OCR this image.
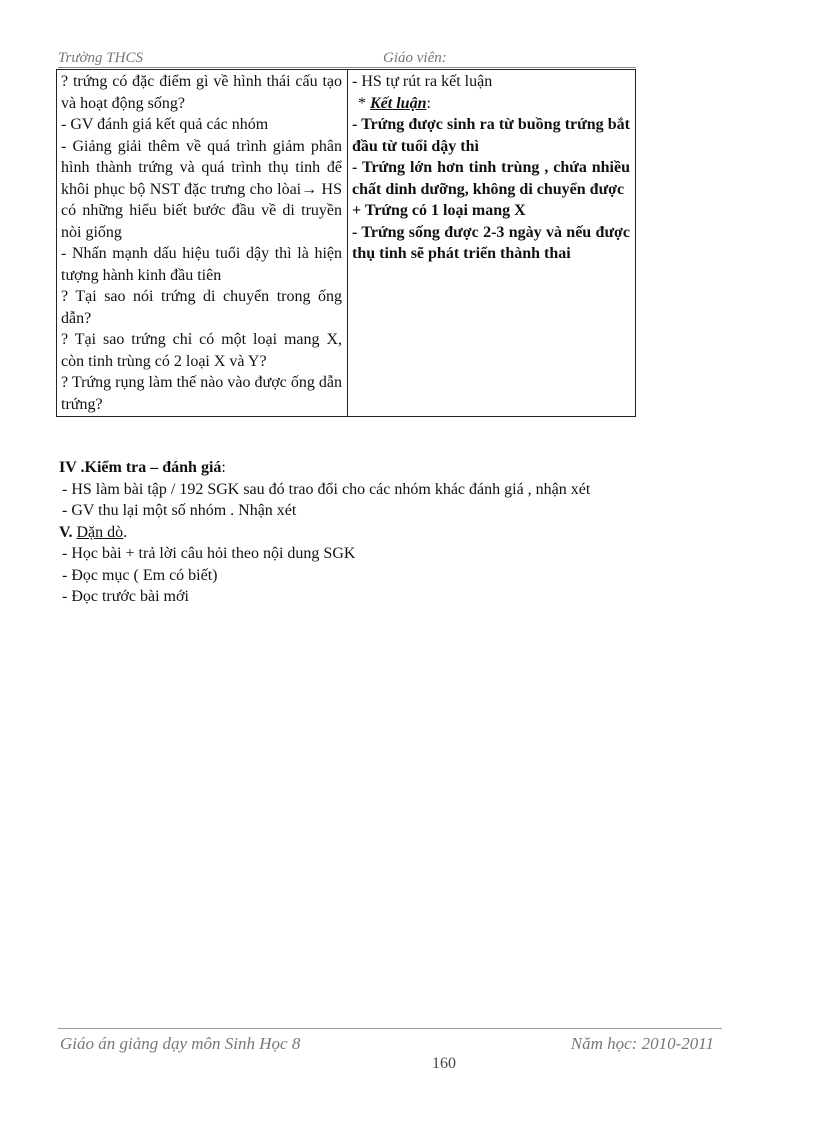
Trường THCS	Giáo viên:
? trứng có đặc điểm gì về hình thái cấu tạo và hoạt động sống?
- GV đánh giá kết quả các nhóm
- Giảng giải thêm về quá trình giảm phân hình thành trứng và quá trình thụ tinh để khôi phục bộ NST đặc trưng cho lòai→ HS có những hiểu biết bước đầu về di truyền nòi giống
- Nhấn mạnh dấu hiệu tuổi dậy thì là hiện tượng hành kinh đầu tiên
? Tại sao nói trứng di chuyển trong ống dẫn?
? Tại sao trứng chỉ có một loại mang X, còn tinh trùng có 2 loại X và Y?
? Trứng rụng làm thế nào vào được ống dẫn trứng?

- HS tự rút ra kết luận
* Kết luận:
- Trứng được sinh ra từ buồng trứng bắt đầu từ tuổi dậy thì
- Trứng lớn hơn tinh trùng , chứa nhiều chất dinh dưỡng, không di chuyển được
+ Trứng có 1 loại mang X
- Trứng sống được 2-3 ngày và nếu được thụ tinh sẽ phát triển thành thai
IV .Kiểm tra – đánh giá:
- HS làm bài tập / 192 SGK sau đó trao đổi cho các nhóm khác đánh giá , nhận xét
- GV thu lại một số nhóm . Nhận xét
V. Dặn dò.
- Học bài + trả lời câu hỏi theo nội dung SGK
- Đọc mục ( Em có biết)
- Đọc trước bài mới
Giáo án giảng dạy môn Sinh Học 8	Năm học: 2010-2011
160
